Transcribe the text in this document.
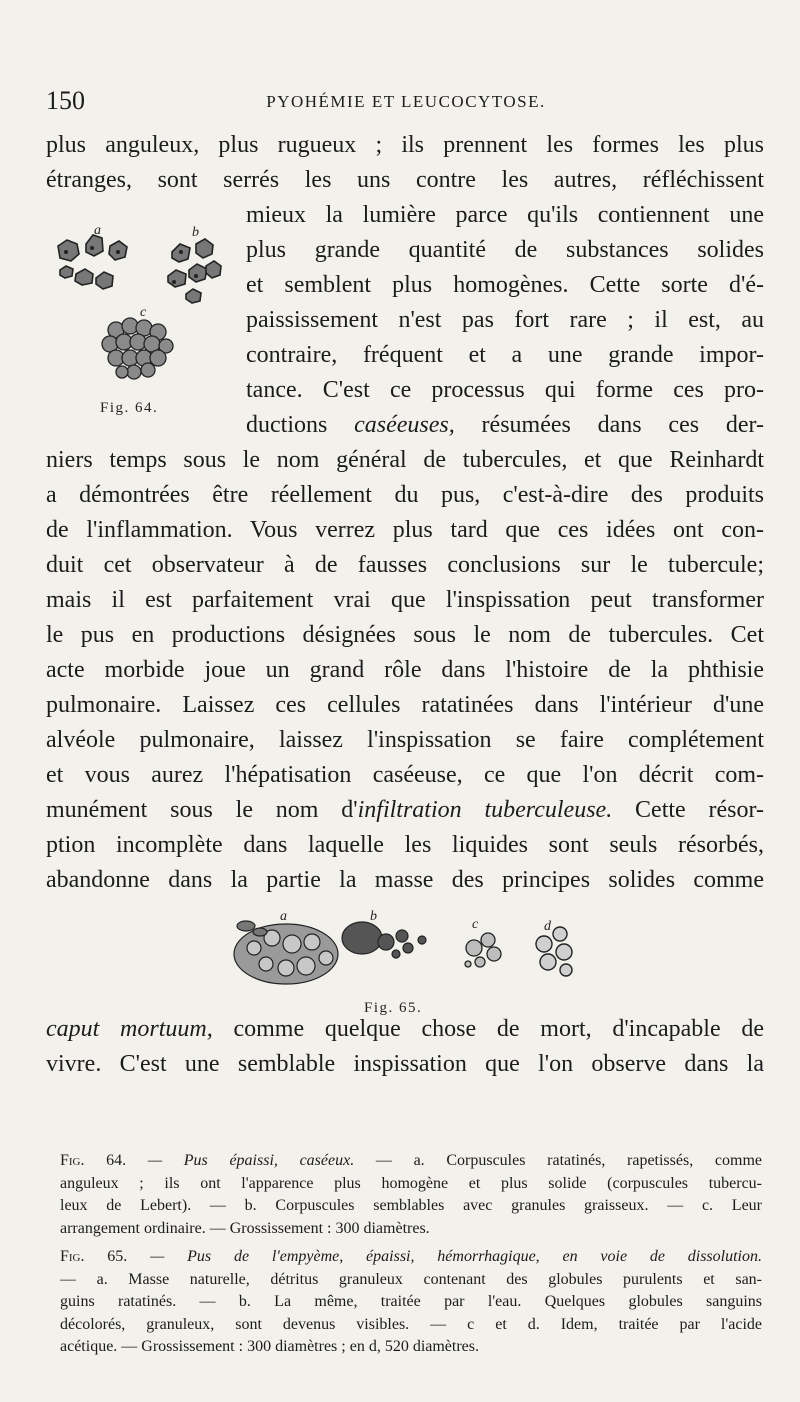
150	PYOHÉMIE ET LEUCOCYTOSE.
plus anguleux, plus rugueux ; ils prennent les formes les plus
étranges, sont serrés les uns contre les autres, réfléchissent
a	b
c
Fig. 64.
mieux la lumière parce qu'ils contiennent une
plus grande quantité de substances solides
et semblent plus homogènes. Cette sorte d'é-
paississement n'est pas fort rare ; il est, au
contraire, fréquent et a une grande impor-
tance. C'est ce processus qui forme ces pro-
ductions caséeuses, résumées dans ces der-
niers temps sous le nom général de tubercules, et que Reinhardt
a démontrées être réellement du pus, c'est-à-dire des produits
de l'inflammation. Vous verrez plus tard que ces idées ont con-
duit cet observateur à de fausses conclusions sur le tubercule;
mais il est parfaitement vrai que l'inspissation peut transformer
le pus en productions désignées sous le nom de tubercules. Cet
acte morbide joue un grand rôle dans l'histoire de la phthisie
pulmonaire. Laissez ces cellules ratatinées dans l'intérieur d'une
alvéole pulmonaire, laissez l'inspissation se faire complétement
et vous aurez l'hépatisation caséeuse, ce que l'on décrit com-
munément sous le nom d'infiltration tuberculeuse. Cette résor-
ption incomplète dans laquelle les liquides sont seuls résorbés,
abandonne dans la partie la masse des principes solides comme
a	b
c	d
Fig. 65.
caput mortuum, comme quelque chose de mort, d'incapable de
vivre. C'est une semblable inspissation que l'on observe dans la

Fig. 64. — Pus épaissi, caséeux. — a. Corpuscules ratatinés, rapetissés, comme
anguleux ; ils ont l'apparence plus homogène et plus solide (corpuscules tubercu-
leux de Lebert). — b. Corpuscules semblables avec granules graisseux. — c. Leur
arrangement ordinaire. — Grossissement : 300 diamètres.

Fig. 65. — Pus de l'empyème, épaissi, hémorrhagique, en voie de dissolution.
— a. Masse naturelle, détritus granuleux contenant des globules purulents et san-
guins ratatinés. — b. La même, traitée par l'eau. Quelques globules sanguins
décolorés, granuleux, sont devenus visibles. — c et d. Idem, traitée par l'acide
acétique. — Grossissement : 300 diamètres ; en d, 520 diamètres.
